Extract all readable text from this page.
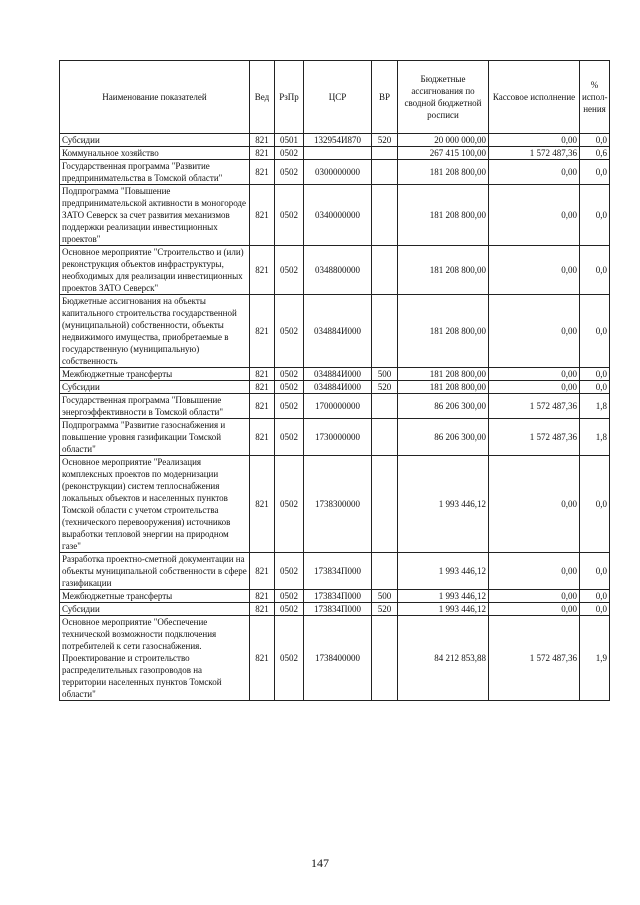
Наименование показателей	Вед	РзПр	ЦСР	ВР	Бюджетные ассигнования по сводной бюджетной росписи	Кассовое исполнение	% испол-нения
Субсидии	821	0501	132954И870	520	20 000 000,00	0,00	0,0
Коммунальное хозяйство	821	0502			267 415 100,00	1 572 487,36	0,6
Государственная программа "Развитие предпринимательства в Томской области"	821	0502	0300000000		181 208 800,00	0,00	0,0
Подпрограмма "Повышение предпринимательской активности в моногороде ЗАТО Северск за счет развития механизмов поддержки реализации инвестиционных проектов"	821	0502	0340000000		181 208 800,00	0,00	0,0
Основное мероприятие "Строительство и (или) реконструкция объектов инфраструктуры, необходимых для реализации инвестиционных проектов ЗАТО Северск"	821	0502	0348800000		181 208 800,00	0,00	0,0
Бюджетные ассигнования на объекты капитального строительства государственной (муниципальной) собственности, объекты недвижимого имущества, приобретаемые в государственную (муниципальную) собственность	821	0502	034884И000		181 208 800,00	0,00	0,0
Межбюджетные трансферты	821	0502	034884И000	500	181 208 800,00	0,00	0,0
Субсидии	821	0502	034884И000	520	181 208 800,00	0,00	0,0
Государственная программа "Повышение энергоэффективности в Томской области"	821	0502	1700000000		86 206 300,00	1 572 487,36	1,8
Подпрограмма "Развитие газоснабжения и повышение уровня газификации Томской области"	821	0502	1730000000		86 206 300,00	1 572 487,36	1,8
Основное мероприятие "Реализация комплексных проектов по модернизации (реконструкции) систем теплоснабжения локальных объектов и населенных пунктов Томской области с учетом строительства (технического перевооружения) источников выработки тепловой энергии на природном газе"	821	0502	1738300000		1 993 446,12	0,00	0,0
Разработка проектно-сметной документации на объекты муниципальной собственности в сфере газификации	821	0502	173834П000		1 993 446,12	0,00	0,0
Межбюджетные трансферты	821	0502	173834П000	500	1 993 446,12	0,00	0,0
Субсидии	821	0502	173834П000	520	1 993 446,12	0,00	0,0
Основное мероприятие "Обеспечение технической возможности подключения потребителей к сети газоснабжения. Проектирование и строительство распределительных газопроводов на территории населенных пунктов Томской области"	821	0502	1738400000		84 212 853,88	1 572 487,36	1,9
147
